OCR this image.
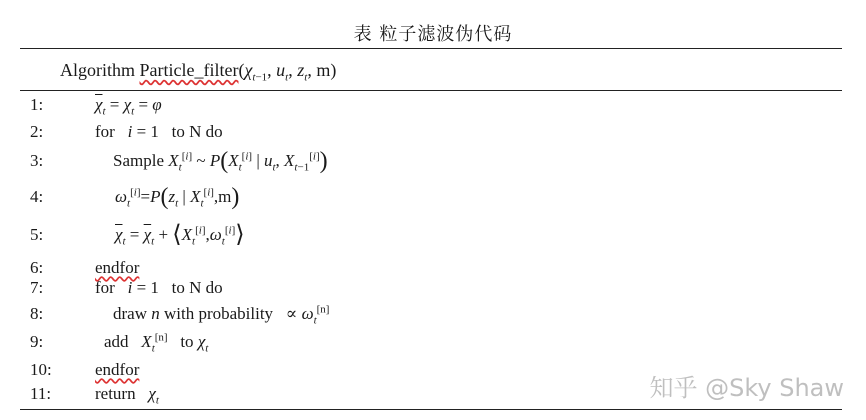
表 粒子滤波伪代码
Algorithm $Particle\_filter(\chi_{t-1}$, $u_t$, $z_t$, m)
1:
2:
3:
4:
5:
6:
7:
8:
9:
10:
11:
$\overline{\chi}_t = \chi_t = \varphi$
for   i = 1   to N do
Sample $X_t[i]$ ~ $P(X_t[i]$ | $u_t$, $X_{t-1}[i]$)
$\omega_t[i]=P(z_t$ | $X_t[i],m$)
$\overline{\chi}_t = \overline{\chi}_t$ + $⟨X_t[i],\omega_t[i]⟩$
endfor
for   i = 1   to N do
draw n with probability   ∝ $\omega_t[n]$
add   $X_t[n]$   to $\chi_t$
endfor
return   $\chi_t$	知乎 @Sky Shaw
